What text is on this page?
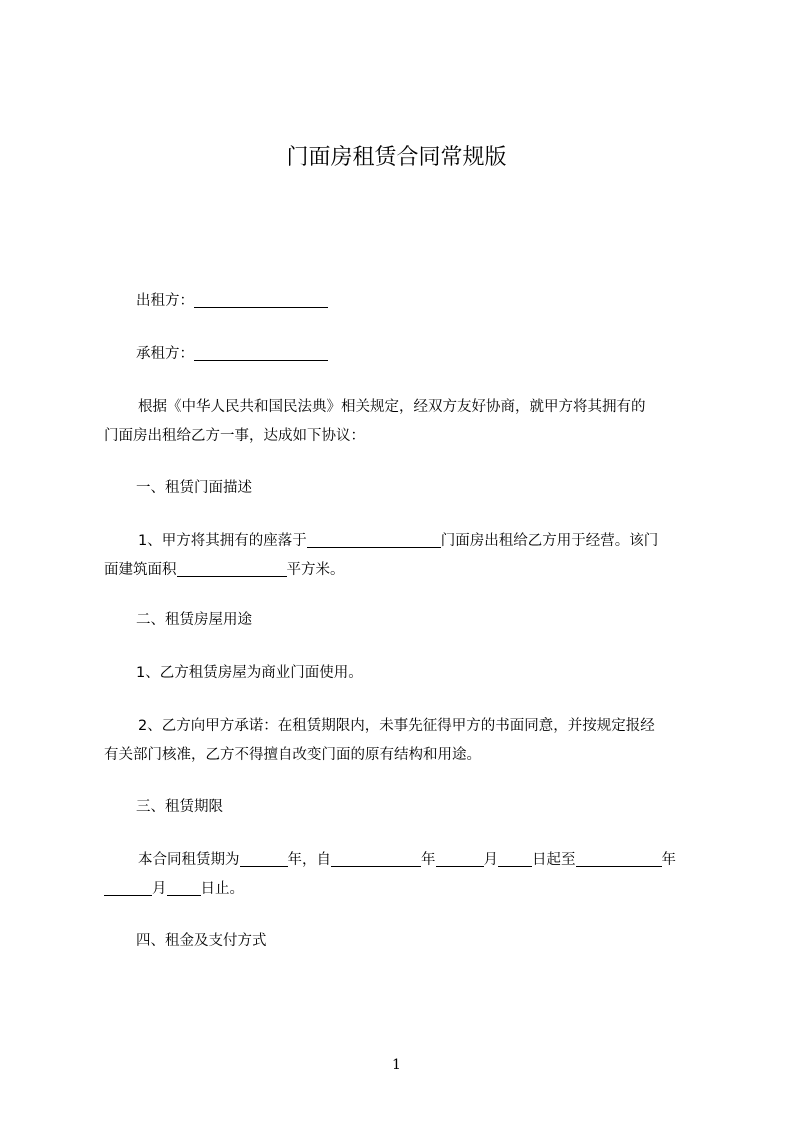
门面房租赁合同常规版
出租方：
承租方：
根据《中华人民共和国民法典》相关规定，经双方友好协商，就甲方将其拥有的
门面房出租给乙方一事，达成如下协议：
一、租赁门面描述
1、甲方将其拥有的座落于	门面房出租给乙方用于经营。该门
面建筑面积	平方米。
二、租赁房屋用途
1、乙方租赁房屋为商业门面使用。
2、乙方向甲方承诺：在租赁期限内，未事先征得甲方的书面同意，并按规定报经
有关部门核准，乙方不得擅自改变门面的原有结构和用途。
三、租赁期限
本合同租赁期为	年，自	年	月 日起至	年
月 日止。
四、租金及支付方式
1
